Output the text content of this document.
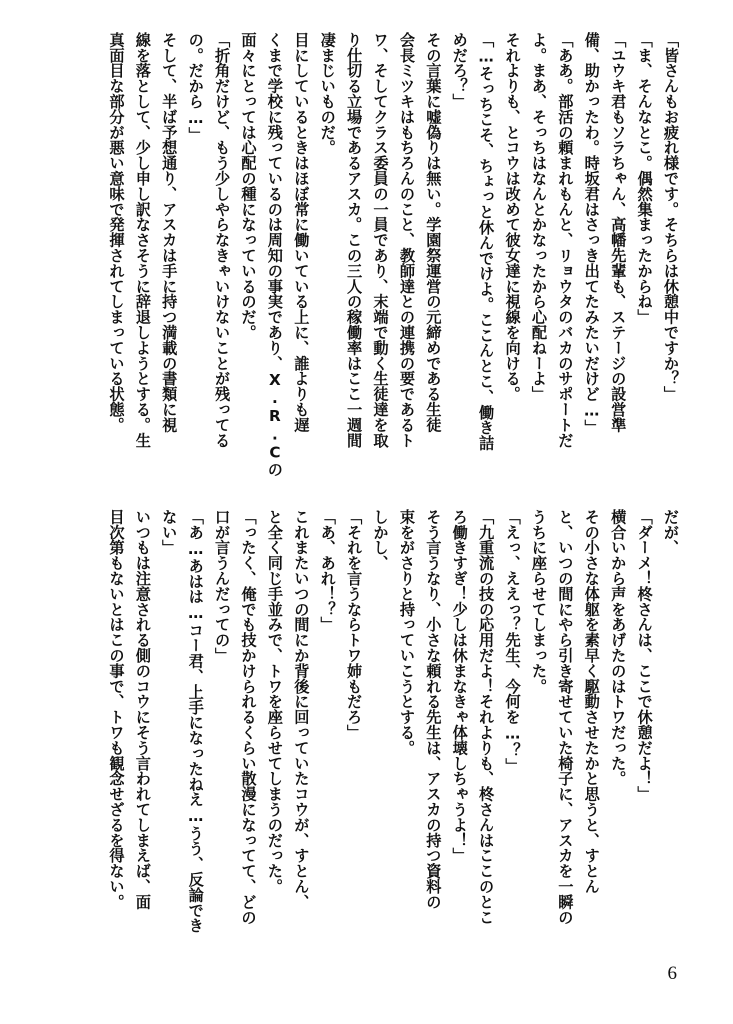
「皆さんもお疲れ様です。そちらは休憩中ですか？」
「ま、そんなとこ。偶然集まったからね」
「ユウキ君もソラちゃん、高幡先輩も、ステージの設営準
備、助かったわ。時坂君はさっき出てたみたいだけど…」
「ああ。部活の頼まれもんと、リョウタのバカのサポートだ
よ。まあ、そっちはなんとかなったから心配ねーよ」
それよりも、とコウは改めて彼女達に視線を向ける。
「…そっちこそ、ちょっと休んでけよ。ここんとこ、働き詰
めだろ？」
その言葉に嘘偽りは無い。学園祭運営の元締めである生徒
会長ミツキはもちろんのこと、教師達との連携の要であるト
ワ、そしてクラス委員の一員であり、末端で動く生徒達を取
り仕切る立場であるアスカ。この三人の稼働率はここ一週間
凄まじいものだ。
目にしているときはほぼ常に働いている上に、誰よりも遅
くまで学校に残っているのは周知の事実であり、X.R.Cの
面々にとっては心配の種になっているのだ。
「折角だけど、もう少しやらなきゃいけないことが残ってる
の。だから…」
そして、半ば予想通り、アスカは手に持つ満載の書類に視
線を落として、少し申し訳なさそうに辞退しようとする。生
真面目な部分が悪い意味で発揮されてしまっている状態。
だが、
「ダーメ！柊さんは、ここで休憩だよ！」
横合いから声をあげたのはトワだった。
その小さな体躯を素早く駆動させたかと思うと、すとん
と、いつの間にやら引き寄せていた椅子に、アスカを一瞬の
うちに座らせてしまった。
「えっ、ええっ？先生、今何を…？」
「九重流の技の応用だよ！それよりも、柊さんはここのとこ
ろ働きすぎ！少しは休まなきゃ体壊しちゃうよ！」
そう言うなり、小さな頼れる先生は、アスカの持つ資料の
束をがさりと持っていこうとする。
しかし、
「それを言うならトワ姉もだろ」
「あ、あれ！？」
これまたいつの間にか背後に回っていたコウが、すとん、
と全く同じ手並みで、トワを座らせてしまうのだった。
「ったく、俺でも技かけられるくらい散漫になってて、どの
口が言うんだっての」
「あ…あはは…コー君、上手になったねえ…うう、反論でき
ない」
いつもは注意される側のコウにそう言われてしまえば、面
目次第もないとはこの事で、トワも観念せざるを得ない。
6
